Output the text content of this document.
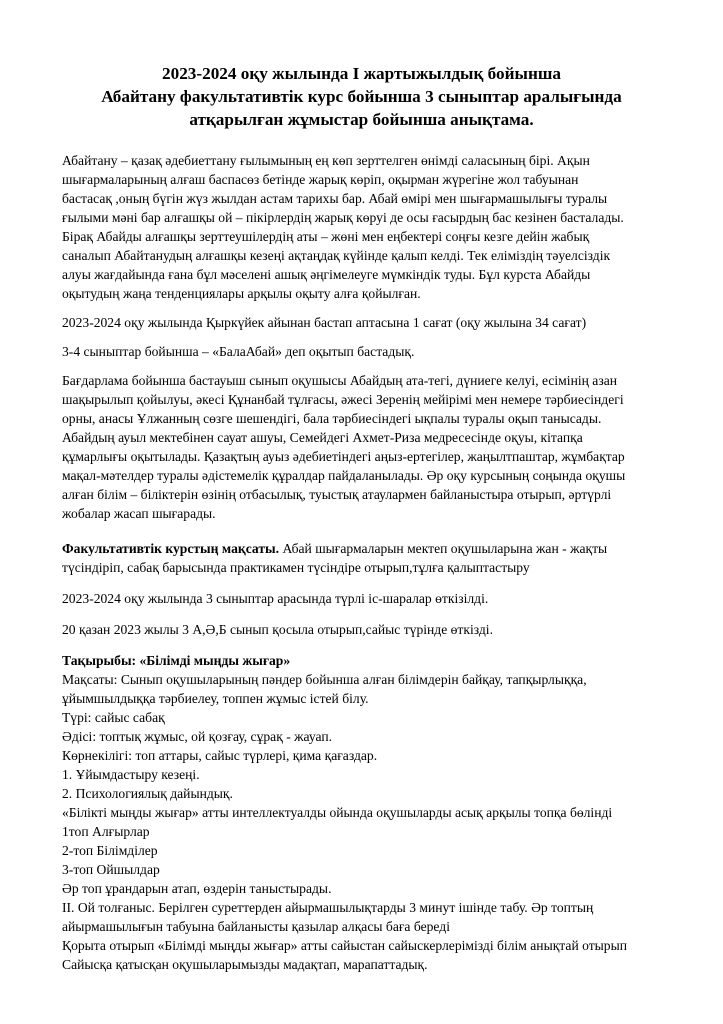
2023-2024 оқу жылында I жартыжылдық бойынша
Абайтану факультативтік курс бойынша 3 сыныптар аралығында
атқарылған жұмыстар бойынша анықтама.
Абайтану – қазақ әдебиеттану ғылымының ең көп зерттелген өнімді саласының бірі. Ақын
шығармаларының алғаш баспасөз бетінде жарық көріп, оқырман жүрегіне жол табуынан
бастасақ ,оның бүгін жүз жылдан астам тарихы бар. Абай өмірі мен шығармашылығы туралы
ғылыми мәні бар алғашқы ой – пікірлердің жарық көруі де осы ғасырдың бас кезінен басталады.
Бірақ Абайды алғашқы зерттеушілердің аты – жөні мен еңбектері соңғы кезге дейін жабық
саналып Абайтанудың алғашқы кезеңі ақтаңдақ күйінде қалып келді. Тек еліміздің тәуелсіздік
алуы жағдайында ғана бұл мәселені ашық әңгімелеуге мүмкіндік туды. Бұл курста Абайды
оқытудың жаңа тенденциялары арқылы оқыту алға қойылған.
2023-2024 оқу жылында Қыркүйек айынан бастап аптасына 1 сағат (оқу жылына 34 сағат)
3-4 сыныптар бойынша – «БалаАбай» деп оқытып бастадық.
Бағдарлама бойынша бастауыш сынып оқушысы Абайдың ата-тегі, дүниеге келуі, есімінің азан
шақырылып қойылуы, әкесі Құнанбай тұлғасы, әжесі Зеренің мейірімі мен немере тәрбиесіндегі
орны, анасы Ұлжанның сөзге шешендігі, бала тәрбиесіндегі ықпалы туралы оқып танысады.
Абайдың ауыл мектебінен сауат ашуы, Семейдегі Ахмет-Риза медресесінде оқуы, кітапқа
құмарлығы оқытылады. Қазақтың ауыз әдебиетіндегі аңыз-ертегілер, жаңылтпаштар, жұмбақтар
мақал-мәтелдер туралы әдістемелік құралдар пайдаланылады. Әр оқу курсының соңында оқушы
алған білім – біліктерін өзінің отбасылық, туыстық атаулармен байланыстыра отырып, әртүрлі
жобалар жасап шығарады.
Факультативтік курстың мақсаты. Абай шығармаларын мектеп оқушыларына жан - жақты
түсіндіріп, сабақ барысында практикамен түсіндіре отырып,тұлға қалыптастыру
2023-2024 оқу жылында 3 сыныптар арасында түрлі іс-шаралар өткізілді.
20 қазан 2023 жылы 3 А,Ә,Б сынып қосыла отырып,сайыс түрінде өткізді.
Тақырыбы: «Білімді мыңды жығар»
Мақсаты: Сынып оқушыларының пәндер бойынша алған білімдерін байқау, тапқырлыққа,
ұйымшылдыққа тәрбиелеу, топпен жұмыс істей білу.
Түрі: сайыс сабақ
Әдісі: топтық жұмыс, ой қозғау, сұрақ - жауап.
Көрнекілігі: топ аттары, сайыс түрлері, қима қағаздар.
1. Ұйымдастыру кезеңі.
2. Психологиялық дайындық.
«Білікті мыңды жығар» атты интеллектуалды ойында оқушыларды асық арқылы топқа бөлінді
1топ Алғырлар
2-топ Білімділер
3-топ Ойшылдар
Әр топ ұрандарын атап, өздерін таныстырады.
II. Ой толғаныс. Берілген суреттерден айырмашылықтарды 3 минут ішінде табу. Әр топтың
айырмашылығын табуына байланысты қазылар алқасы баға береді
Қорыта отырып «Білімді мыңды жығар» атты сайыстан сайыскерлерімізді білім анықтай отырып
Сайысқа қатысқан оқушыларымызды мадақтап, марапаттадық.
